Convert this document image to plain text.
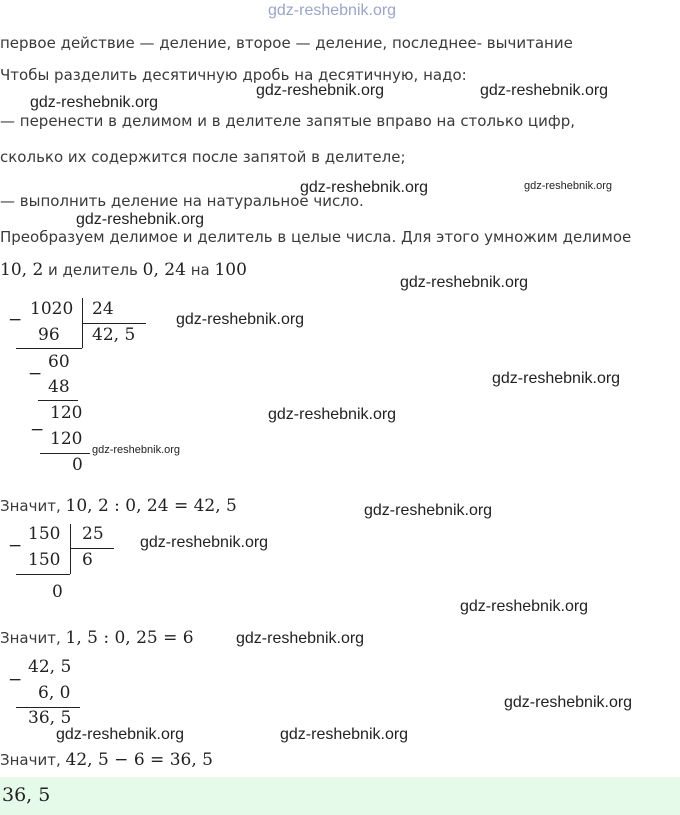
gdz-reshebnik.org
первое действие — деление, второе — деление, последнее- вычитание
Чтобы разделить десятичную дробь на десятичную, надо:
— перенести в делимом и в делителе запятые вправо на столько цифр,
сколько их содержится после запятой в делителе;
— выполнить деление на натуральное число.
Преобразуем делимое и делитель в целые числа. Для этого умножим делимое
10, 2 и делитель 0, 24 на 100
gdz-reshebnik.org
gdz-reshebnik.org	gdz-reshebnik.org
gdz-reshebnik.org	gdz-reshebnik.org
gdz-reshebnik.org
gdz-reshebnik.org
gdz-reshebnik.org
gdz-reshebnik.org
gdz-reshebnik.org
gdz-reshebnik.org
gdz-reshebnik.org
gdz-reshebnik.org
gdz-reshebnik.org
gdz-reshebnik.org
gdz-reshebnik.org
gdz-reshebnik.org	gdz-reshebnik.org
−
1020 24
96 42, 5
−
60
48
−
120
120
0
Значит, 10, 2 : 0, 24 = 42, 5
−
150 25
150 6
0
Значит, 1, 5 : 0, 25 = 6
−
42, 5
6, 0
36, 5
Значит, 42, 5 − 6 = 36, 5
36, 5
